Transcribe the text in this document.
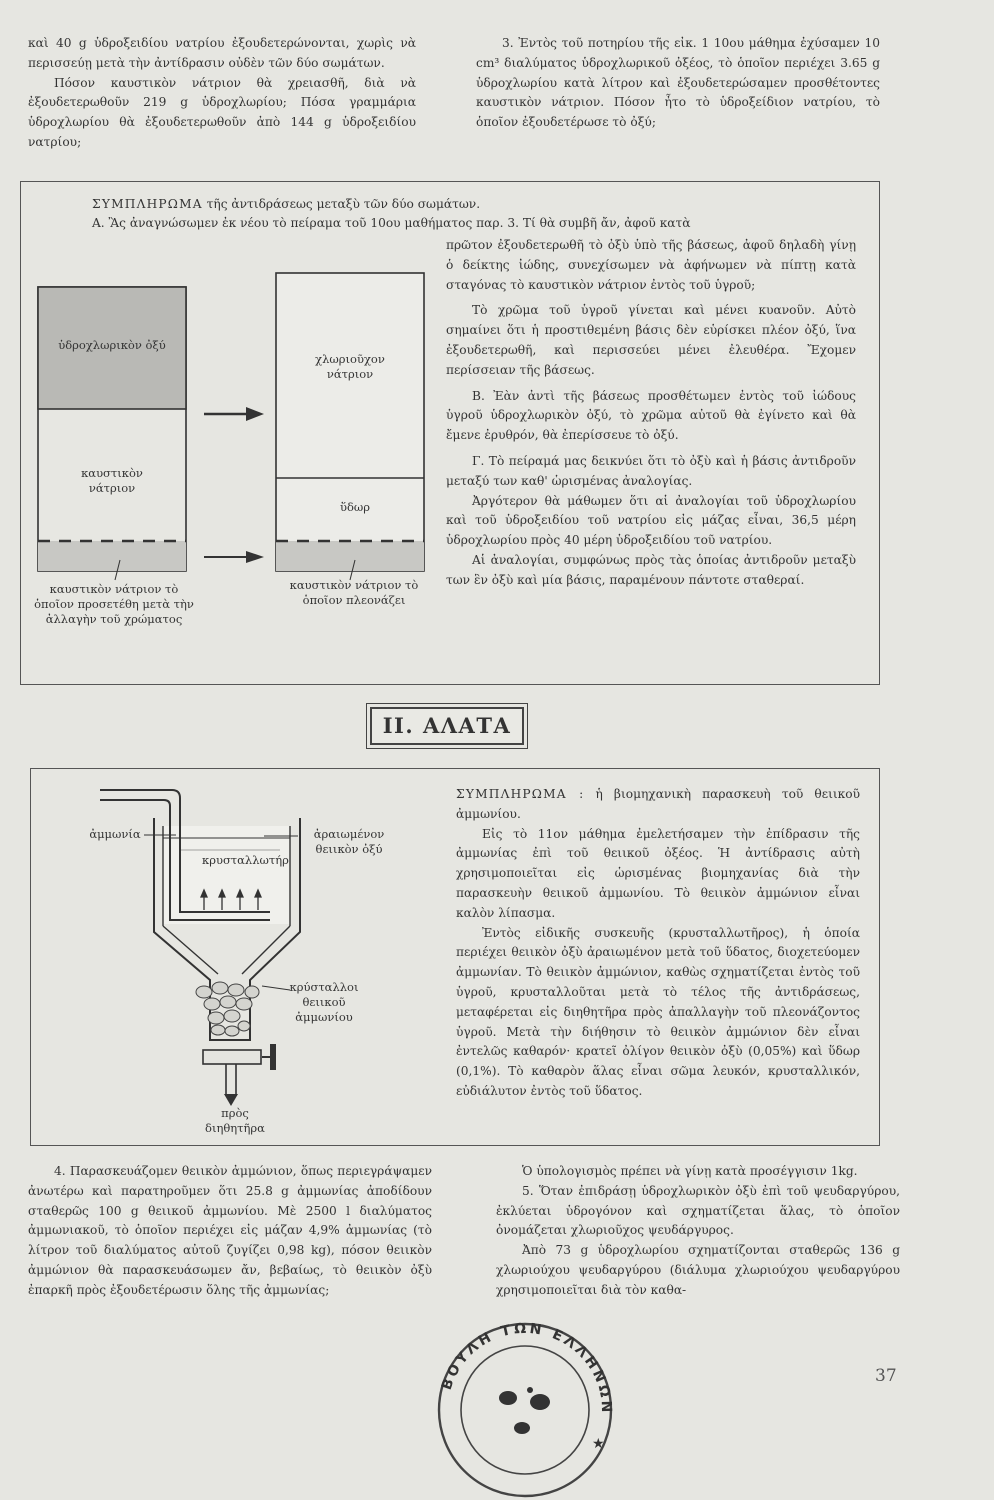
καὶ 40 g ὑδροξειδίου νατρίου ἐξουδετερώνονται, χωρὶς νὰ περισσεύῃ μετὰ τὴν ἀντίδρασιν οὐδὲν τῶν δύο σωμάτων.

Πόσον καυστικὸν νάτριον θὰ χρειασθῆ, διὰ νὰ ἐξουδετερωθοῦν 219 g ὑδροχλωρίου; Πόσα γραμμάρια ὑδροχλωρίου θὰ ἐξουδετερωθοῦν ἀπὸ 144 g ὑδροξειδίου νατρίου;

3. Ἐντὸς τοῦ ποτηρίου τῆς εἰκ. 1 10ου μάθημα ἐχύσαμεν 10 cm³ διαλύματος ὑδροχλωρικοῦ ὀξέος, τὸ ὁποῖον περιέχει 3.65 g ὑδροχλωρίου κατὰ λίτρον καὶ ἐξουδετερώσαμεν προσθέτοντες καυστικὸν νάτριον. Πόσον ἦτο τὸ ὑδροξείδιον νατρίου, τὸ ὁποῖον ἐξουδετέρωσε τὸ ὀξύ;

ΣΥΜΠΛΗΡΩΜΑ τῆς ἀντιδράσεως μεταξὺ τῶν δύο σωμάτων.

Α. Ἂς ἀναγνώσωμεν ἐκ νέου τὸ πείραμα τοῦ 10ου μαθήματος παρ. 3. Τί θὰ συμβῆ ἄν, ἀφοῦ κατὰ

πρῶτον ἐξουδετερωθῆ τὸ ὀξὺ ὑπὸ τῆς βάσεως, ἀφοῦ δηλαδὴ γίνῃ ὁ δείκτης ἰώδης, συνεχίσωμεν νὰ ἀφήνωμεν νὰ πίπτῃ κατὰ σταγόνας τὸ καυστικὸν νάτριον ἐντὸς τοῦ ὑγροῦ;

Τὸ χρῶμα τοῦ ὑγροῦ γίνεται καὶ μένει κυανοῦν. Αὐτὸ σημαίνει ὅτι ἡ προστιθεμένη βάσις δὲν εὑρίσκει πλέον ὀξύ, ἵνα ἐξουδετερωθῆ, καὶ περισσεύει μένει ἐλευθέρα. Ἔχομεν περίσσειαν τῆς βάσεως.

Β. Ἐὰν ἀντὶ τῆς βάσεως προσθέτωμεν ἐντὸς τοῦ ἰώδους ὑγροῦ ὑδροχλωρικὸν ὀξύ, τὸ χρῶμα αὐτοῦ θὰ ἐγίνετο καὶ θὰ ἔμενε ἐρυθρόν, θὰ ἐπερίσσευε τὸ ὀξύ.

Γ. Τὸ πείραμά μας δεικνύει ὅτι τὸ ὀξὺ καὶ ἡ βάσις ἀντιδροῦν μεταξύ των καθ' ὡρισμένας ἀναλογίας.

Ἀργότερον θὰ μάθωμεν ὅτι αἱ ἀναλογίαι τοῦ ὑδροχλωρίου καὶ τοῦ ὑδροξειδίου τοῦ νατρίου εἰς μάζας εἶναι, 36,5 μέρη ὑδροχλωρίου πρὸς 40 μέρη ὑδροξειδίου τοῦ νατρίου.

Αἱ ἀναλογίαι, συμφώνως πρὸς τὰς ὁποίας ἀντιδροῦν μεταξὺ των ἓν ὀξὺ καὶ μία βάσις, παραμένουν πάντοτε σταθεραί.

ὑδροχλωρικὸν ὀξύ
καυστικὸν νάτριον
καυστικὸν νάτριον τὸ ὁποῖον προσετέθη μετὰ τὴν ἀλλαγὴν τοῦ χρώματος
χλωριοῦχον νάτριον
ὕδωρ
καυστικὸν νάτριον τὸ ὁποῖον πλεονάζει
ΙΙ. ΑΛΑΤΑ

ΣΥΜΠΛΗΡΩΜΑ : ἡ βιομηχανικὴ παρασκευὴ τοῦ θειικοῦ ἀμμωνίου.

Εἰς τὸ 11ον μάθημα ἐμελετήσαμεν τὴν ἐπίδρασιν τῆς ἀμμωνίας ἐπὶ τοῦ θειικοῦ ὀξέος. Ἡ ἀντίδρασις αὐτὴ χρησιμοποιεῖται εἰς ὡρισμένας βιομηχανίας διὰ τὴν παρασκευὴν θειικοῦ ἀμμωνίου. Τὸ θειικὸν ἀμμώνιον εἶναι καλὸν λίπασμα.

Ἐντὸς εἰδικῆς συσκευῆς (κρυσταλλωτῆρος), ἡ ὁποία περιέχει θειικὸν ὀξὺ ἀραιωμένον μετὰ τοῦ ὕδατος, διοχετεύομεν ἀμμωνίαν. Τὸ θειικὸν ἀμμώνιον, καθὼς σχηματίζεται ἐντὸς τοῦ ὑγροῦ, κρυσταλλοῦται μετὰ τὸ τέλος τῆς ἀντιδράσεως, μεταφέρεται εἰς διηθητῆρα πρὸς ἀπαλλαγὴν τοῦ πλεονάζοντος ὑγροῦ. Μετὰ τὴν διήθησιν τὸ θειικὸν ἀμμώνιον δὲν εἶναι ἐντελῶς καθαρόν· κρατεῖ ὀλίγον θειικὸν ὀξὺ (0,05%) καὶ ὕδωρ (0,1%). Τὸ καθαρὸν ἅλας εἶναι σῶμα λευκόν, κρυσταλλικόν, εὐδιάλυτον ἐντὸς τοῦ ὕδατος.

ἀμμωνία	ἀραιωμένον θειικὸν ὀξύ
κρυσταλλωτήρ
κρύσταλλοι θειικοῦ ἀμμωνίου
πρὸς διηθητῆρα

4. Παρασκευάζομεν θειικὸν ἀμμώνιον, ὅπως περιεγράψαμεν ἀνωτέρω καὶ παρατηροῦμεν ὅτι 25.8 g ἀμμωνίας ἀποδίδουν σταθερῶς 100 g θειικοῦ ἀμμωνίου. Μὲ 2500 l διαλύματος ἀμμωνιακοῦ, τὸ ὁποῖον περιέχει εἰς μάζαν 4,9% ἀμμωνίας (τὸ λίτρον τοῦ διαλύματος αὐτοῦ ζυγίζει 0,98 kg), πόσον θειικὸν ἀμμώνιον θὰ παρασκευάσωμεν ἄν, βεβαίως, τὸ θειικὸν ὀξὺ ἐπαρκῆ πρὸς ἐξουδετέρωσιν ὅλης τῆς ἀμμωνίας;

Ὁ ὑπολογισμὸς πρέπει νὰ γίνῃ κατὰ προσέγγισιν 1kg.

5. Ὅταν ἐπιδράσῃ ὑδροχλωρικὸν ὀξὺ ἐπὶ τοῦ ψευδαργύρου, ἐκλύεται ὑδρογόνον καὶ σχηματίζεται ἅλας, τὸ ὁποῖον ὀνομάζεται χλωριοῦχος ψευδάργυρος.

Ἀπὸ 73 g ὑδροχλωρίου σχηματίζονται σταθερῶς 136 g χλωριούχου ψευδαργύρου (διάλυμα χλωριούχου ψευδαργύρου χρησιμοποιεῖται διὰ τὸν καθα-

ΒΟΥΛΗ ΤΩΝ ΕΛΛΗΝΩΝ
★
37
